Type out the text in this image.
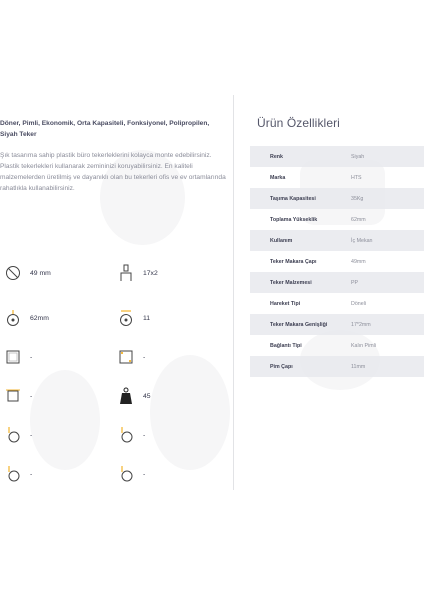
Döner, Pimli, Ekonomik, Orta Kapasiteli, Fonksiyonel, Polipropilen, Siyah Teker
Şık tasarıma sahip plastik büro tekerleklerini kolayca monte edebilirsiniz. Plastik tekerlekleri kullanarak zemininizi koruyabilirsiniz. En kaliteli malzemelerden üretilmiş ve dayanıklı olan bu tekerleri ofis ve ev ortamlarında rahatlıkla kullanabilirsiniz.
49 mm	17x2
62mm	11
-	-
-	45
-	-
-	-
Ürün Özellikleri
Renk	Siyah
Marka	HTS
Taşıma Kapasitesi	35Kg
Toplama Yükseklik	62mm
Kullanım	İç Mekan
Teker Makara Çapı	49mm
Teker Malzemesi	PP
Hareket Tipi	Döneli
Teker Makara Genişliği	17*2mm
Bağlantı Tipi	Kalın Pimli
Pim Çapı	11mm
